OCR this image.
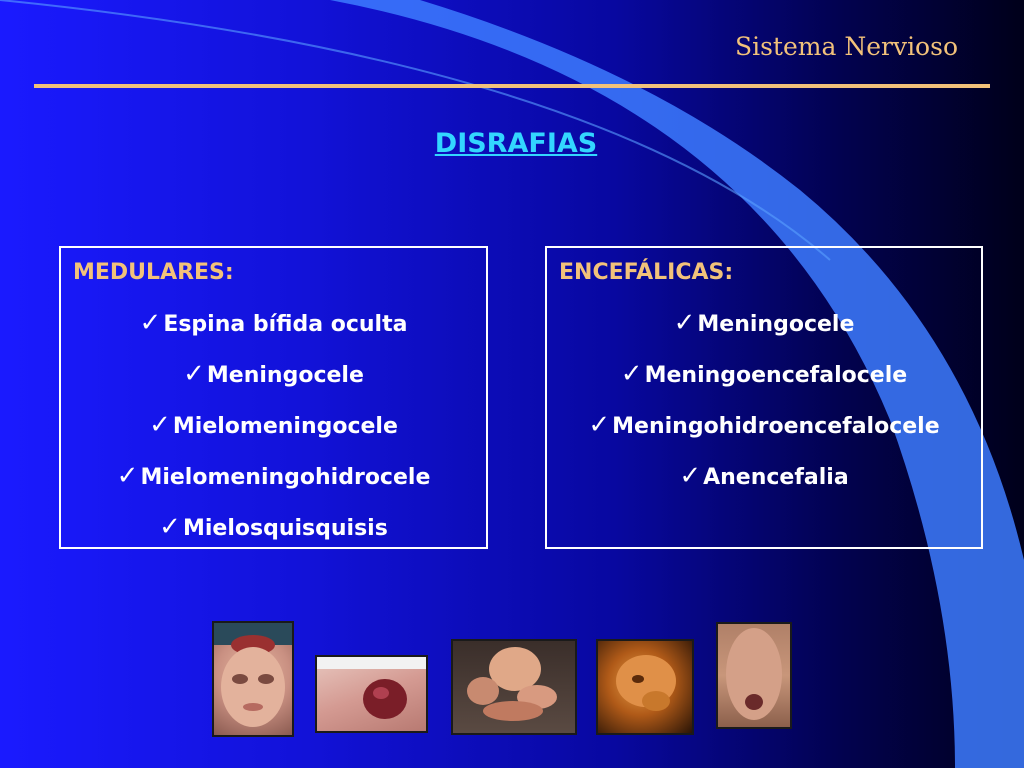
Sistema Nervioso
DISRAFIAS
MEDULARES:
✓Espina bífida oculta
✓Meningocele
✓Mielomeningocele
✓Mielomeningohidrocele
✓Mielosquisquisis
ENCEFÁLICAS:
✓Meningocele
✓Meningoencefalocele
✓Meningohidroencefalocele
✓Anencefalia
